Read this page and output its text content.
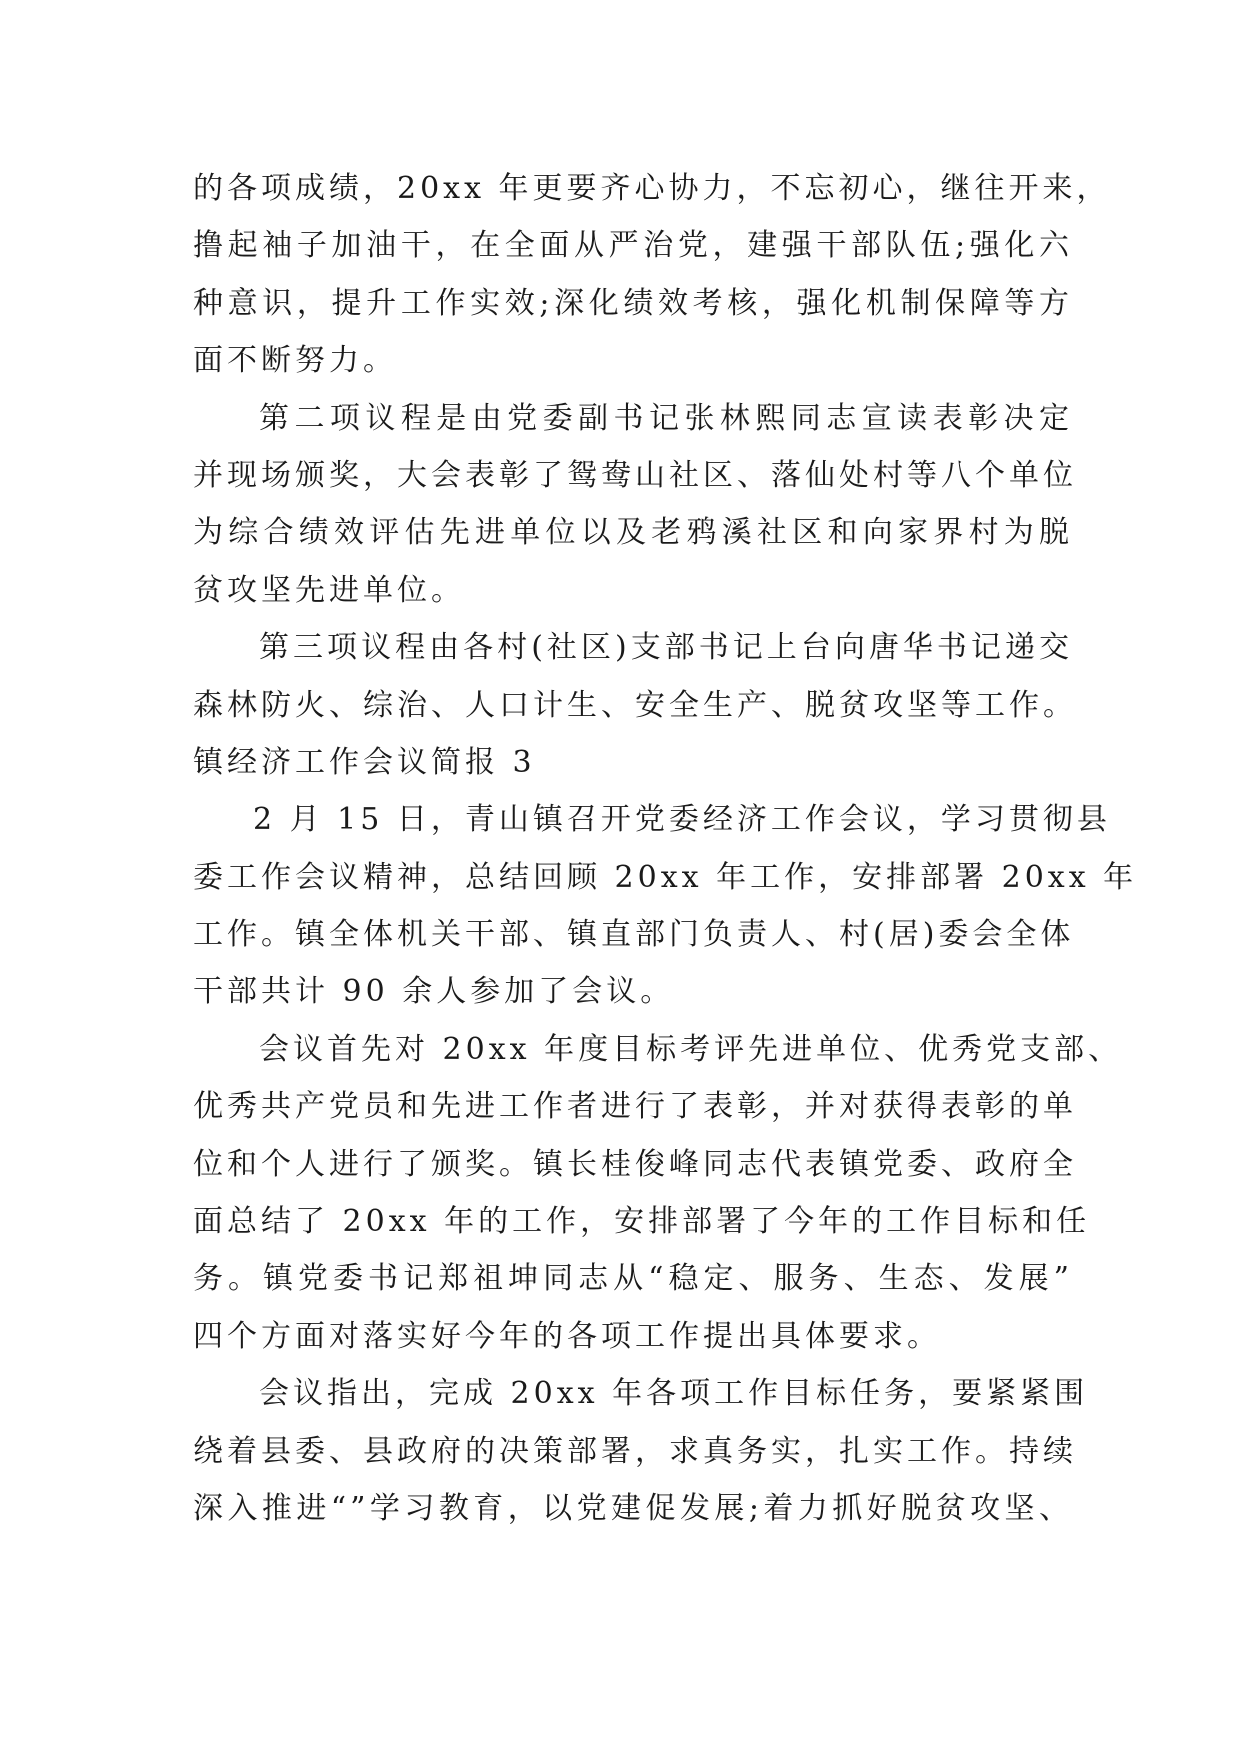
的各项成绩，20xx 年更要齐心协力，不忘初心，继往开来，
撸起袖子加油干，在全面从严治党，建强干部队伍;强化六
种意识，提升工作实效;深化绩效考核，强化机制保障等方
面不断努力。
第二项议程是由党委副书记张林熙同志宣读表彰决定
并现场颁奖，大会表彰了鸳鸯山社区、落仙处村等八个单位
为综合绩效评估先进单位以及老鸦溪社区和向家界村为脱
贫攻坚先进单位。
第三项议程由各村(社区)支部书记上台向唐华书记递交
森林防火、综治、人口计生、安全生产、脱贫攻坚等工作。
镇经济工作会议简报 3
2 月 15 日，青山镇召开党委经济工作会议，学习贯彻县
委工作会议精神，总结回顾 20xx 年工作，安排部署 20xx 年
工作。镇全体机关干部、镇直部门负责人、村(居)委会全体
干部共计 90 余人参加了会议。
会议首先对 20xx 年度目标考评先进单位、优秀党支部、
优秀共产党员和先进工作者进行了表彰，并对获得表彰的单
位和个人进行了颁奖。镇长桂俊峰同志代表镇党委、政府全
面总结了 20xx 年的工作，安排部署了今年的工作目标和任
务。镇党委书记郑祖坤同志从“稳定、服务、生态、发展”
四个方面对落实好今年的各项工作提出具体要求。
会议指出，完成 20xx 年各项工作目标任务，要紧紧围
绕着县委、县政府的决策部署，求真务实，扎实工作。持续
深入推进“”学习教育，以党建促发展;着力抓好脱贫攻坚、
